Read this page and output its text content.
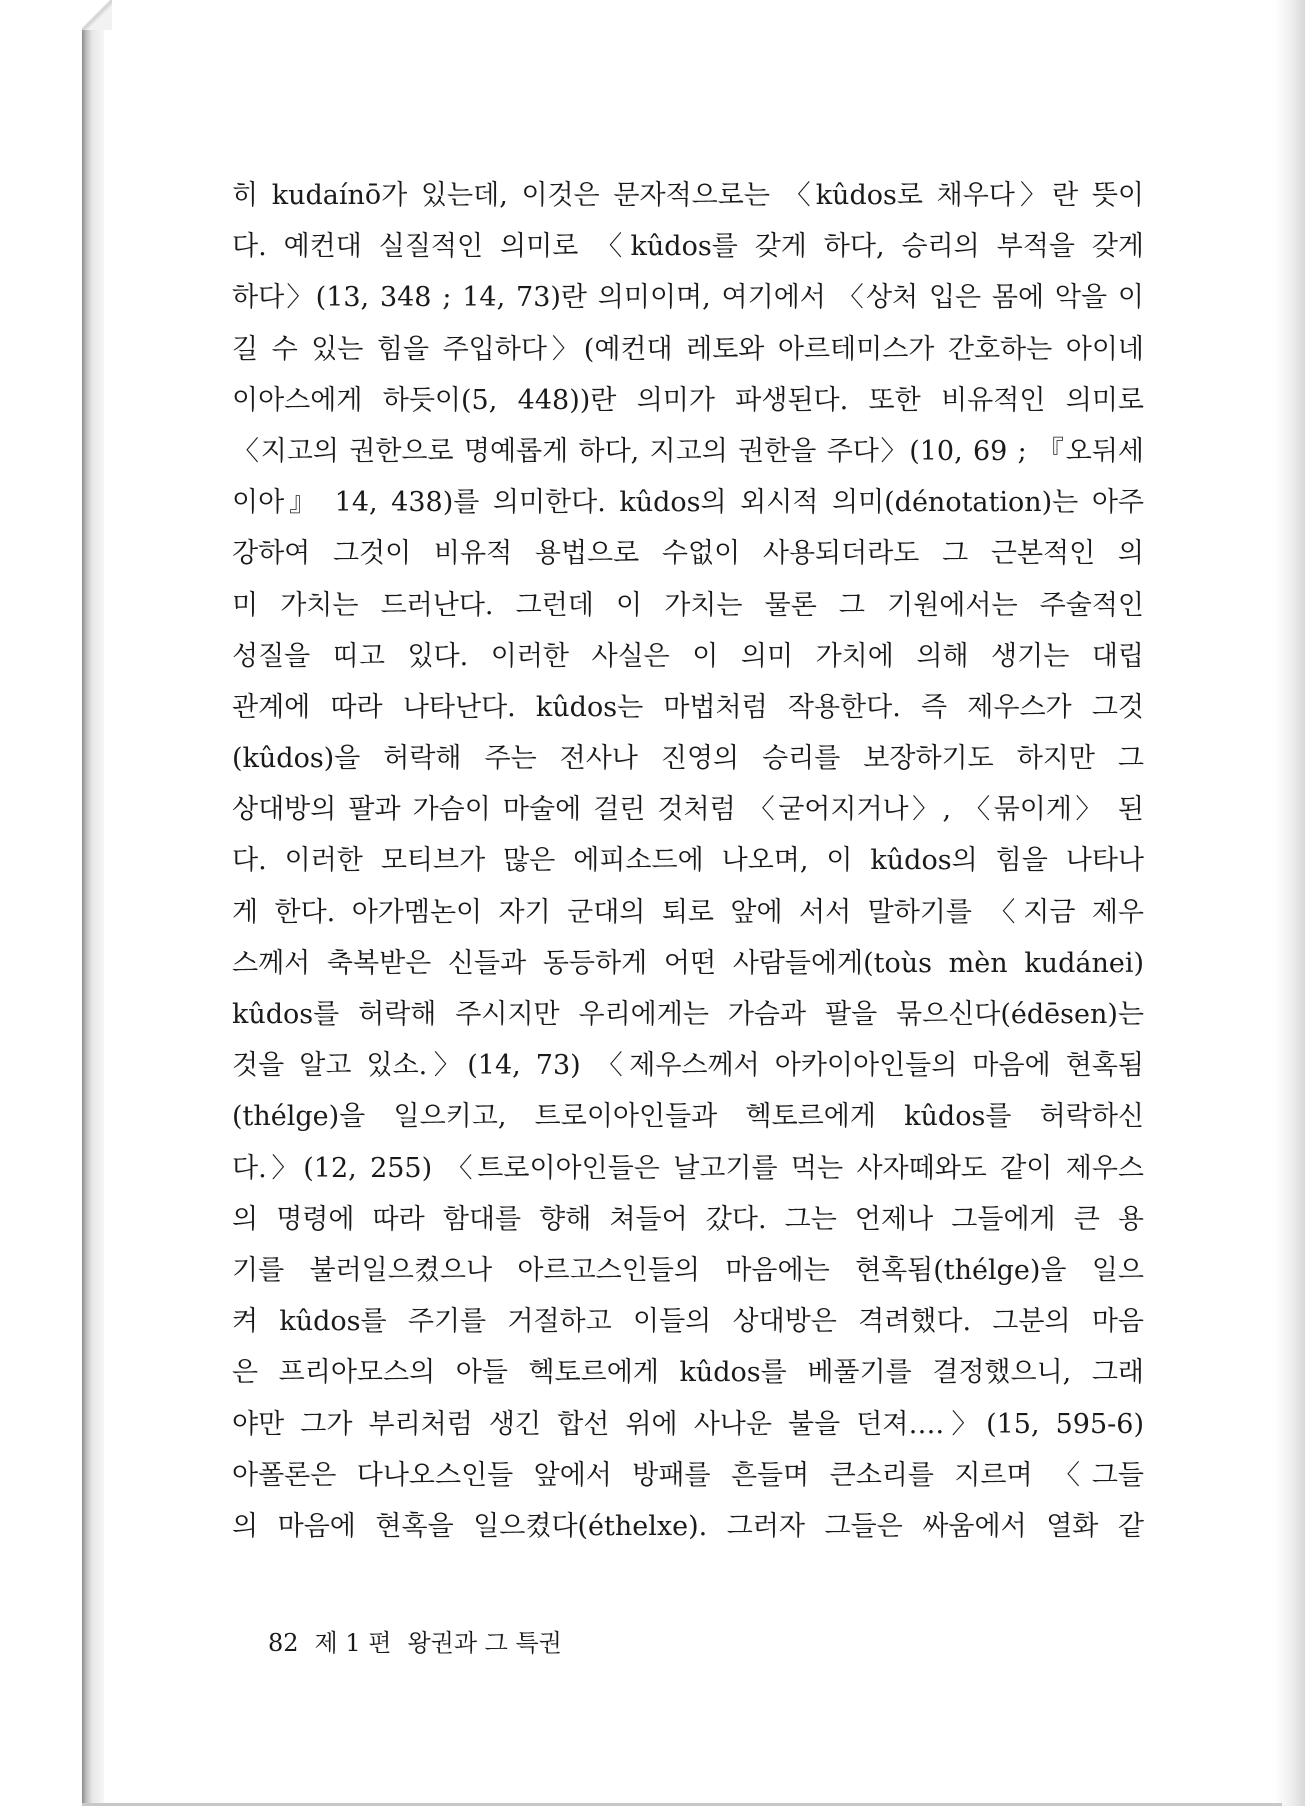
히 kudaínō가 있는데, 이것은 문자적으로는 〈kûdos로 채우다〉란 뜻이
다. 예컨대 실질적인 의미로 〈kûdos를 갖게 하다, 승리의 부적을 갖게
하다〉(13, 348 ; 14, 73)란 의미이며, 여기에서 〈상처 입은 몸에 악을 이
길 수 있는 힘을 주입하다〉(예컨대 레토와 아르테미스가 간호하는 아이네
이아스에게 하듯이(5, 448))란 의미가 파생된다. 또한 비유적인 의미로
〈지고의 권한으로 명예롭게 하다, 지고의 권한을 주다〉(10, 69 ; 『오뒤세
이아』 14, 438)를 의미한다. kûdos의 외시적 의미(dénotation)는 아주
강하여 그것이 비유적 용법으로 수없이 사용되더라도 그 근본적인 의
미 가치는 드러난다. 그런데 이 가치는 물론 그 기원에서는 주술적인
성질을 띠고 있다. 이러한 사실은 이 의미 가치에 의해 생기는 대립
관계에 따라 나타난다. kûdos는 마법처럼 작용한다. 즉 제우스가 그것
(kûdos)을 허락해 주는 전사나 진영의 승리를 보장하기도 하지만 그
상대방의 팔과 가슴이 마술에 걸린 것처럼 〈굳어지거나〉, 〈묶이게〉 된
다. 이러한 모티브가 많은 에피소드에 나오며, 이 kûdos의 힘을 나타나
게 한다. 아가멤논이 자기 군대의 퇴로 앞에 서서 말하기를 〈지금 제우
스께서 축복받은 신들과 동등하게 어떤 사람들에게(toùs mèn kudánei)
kûdos를 허락해 주시지만 우리에게는 가슴과 팔을 묶으신다(édēsen)는
것을 알고 있소.〉(14, 73) 〈제우스께서 아카이아인들의 마음에 현혹됨
(thélge)을 일으키고, 트로이아인들과 헥토르에게 kûdos를 허락하신
다.〉(12, 255) 〈트로이아인들은 날고기를 먹는 사자떼와도 같이 제우스
의 명령에 따라 함대를 향해 쳐들어 갔다. 그는 언제나 그들에게 큰 용
기를 불러일으켰으나 아르고스인들의 마음에는 현혹됨(thélge)을 일으
켜 kûdos를 주기를 거절하고 이들의 상대방은 격려했다. 그분의 마음
은 프리아모스의 아들 헥토르에게 kûdos를 베풀기를 결정했으니, 그래
야만 그가 부리처럼 생긴 합선 위에 사나운 불을 던져….〉(15, 595-6)
아폴론은 다나오스인들 앞에서 방패를 흔들며 큰소리를 지르며 〈그들
의 마음에 현혹을 일으켰다(éthelxe). 그러자 그들은 싸움에서 열화 같
82 제 1 편 왕권과 그 특권
